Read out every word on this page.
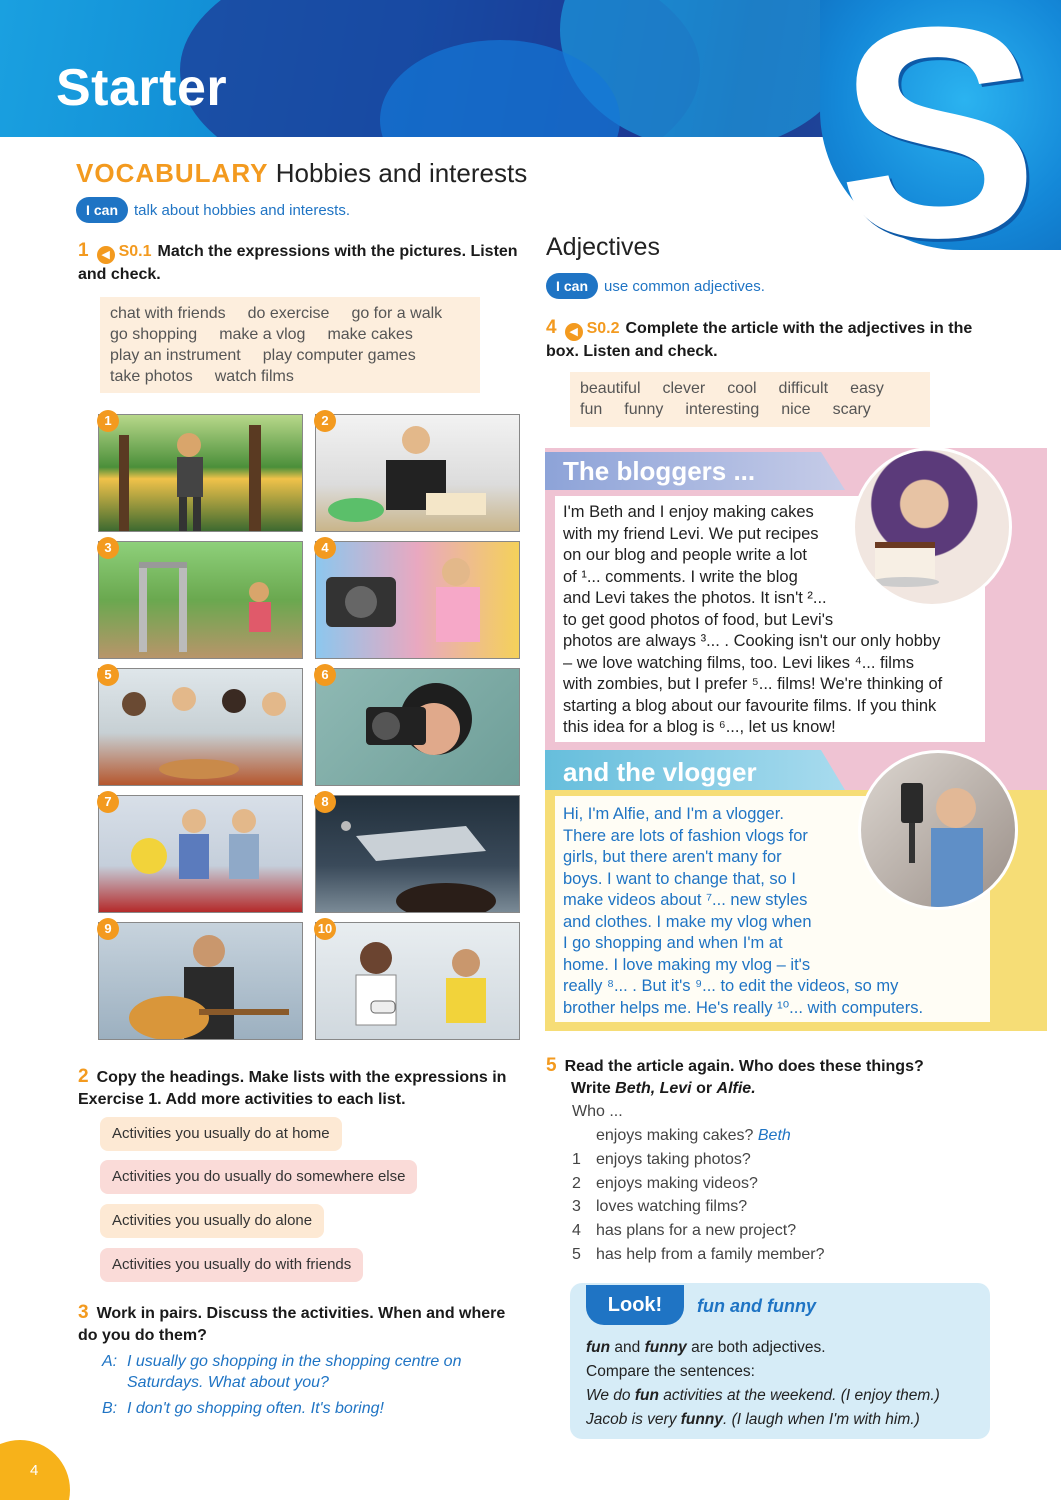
Starter S
VOCABULARY Hobbies and interests
I can	talk about hobbies and interests.
1 ◀ S0.1 Match the expressions with the pictures. Listen and check.
chat with friends do exercise go for a walk
go shopping make a vlog make cakes
play an instrument play computer games
take photos watch films
1	2
3	4
5	6
7	8
9	10
2 Copy the headings. Make lists with the expressions in Exercise 1. Add more activities to each list.
Activities you usually do at home
Activities you do usually do somewhere else
Activities you usually do alone
Activities you usually do with friends
3 Work in pairs. Discuss the activities. When and where do you do them?
A: I usually go shopping in the shopping centre on Saturdays. What about you?
B: I don't go shopping often. It's boring!
Adjectives
I can	use common adjectives.
4 ◀ S0.2 Complete the article with the adjectives in the box. Listen and check.
beautiful clever cool difficult easy
fun funny interesting nice scary
The bloggers ...
I'm Beth and I enjoy making cakes
with my friend Levi. We put recipes
on our blog and people write a lot
of ¹... comments. I write the blog
and Levi takes the photos. It isn't ²...
to get good photos of food, but Levi's
photos are always ³... . Cooking isn't our only hobby
– we love watching films, too. Levi likes ⁴... films
with zombies, but I prefer ⁵... films! We're thinking of
starting a blog about our favourite films. If you think
this idea for a blog is ⁶..., let us know!
and the vlogger
Hi, I'm Alfie, and I'm a vlogger.
There are lots of fashion vlogs for
girls, but there aren't many for
boys. I want to change that, so I
make videos about ⁷... new styles
and clothes. I make my vlog when
I go shopping and when I'm at
home. I love making my vlog – it's
really ⁸... . But it's ⁹... to edit the videos, so my
brother helps me. He's really ¹⁰... with computers.
5 Read the article again. Who does these things?
Write Beth, Levi or Alfie.
Who ...
enjoys making cakes? Beth
1 enjoys taking photos?
2 enjoys making videos?
3 loves watching films?
4 has plans for a new project?
5 has help from a family member?
Look!	fun and funny
fun and funny are both adjectives.
Compare the sentences:
We do fun activities at the weekend. (I enjoy them.)
Jacob is very funny. (I laugh when I'm with him.)
4
